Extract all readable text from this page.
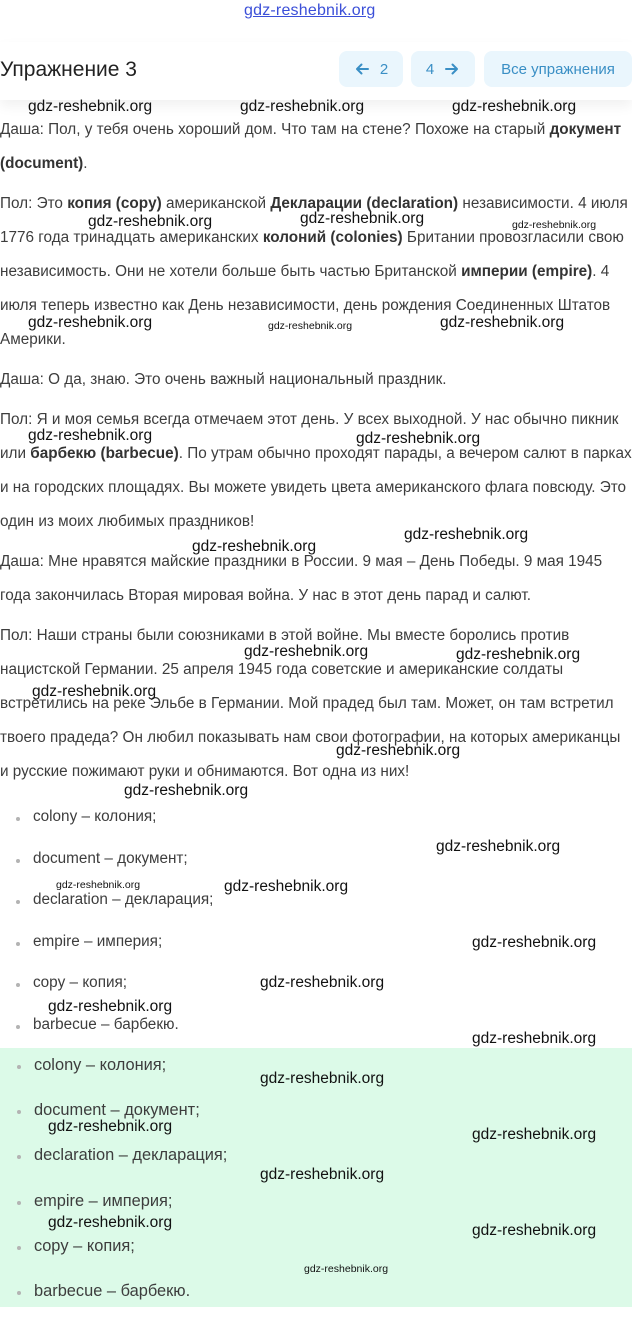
gdz-reshebnik.org
Упражнение 3	2	4	Все упражнения

Даша: Пол, у тебя очень хороший дом. Что там на стене? Похоже на старый документ (document).

Пол: Это копия (copy) американской Декларации (declaration) независимости. 4 июля 1776 года тринадцать американских колоний (colonies) Британии провозгласили свою независимость. Они не хотели больше быть частью Британской империи (empire). 4 июля теперь известно как День независимости, день рождения Соединенных Штатов Америки.

Даша: О да, знаю. Это очень важный национальный праздник.

Пол: Я и моя семья всегда отмечаем этот день. У всех выходной. У нас обычно пикник или барбекю (barbecue). По утрам обычно проходят парады, а вечером салют в парках и на городских площадях. Вы можете увидеть цвета американского флага повсюду. Это один из моих любимых праздников!

Даша: Мне нравятся майские праздники в России. 9 мая – День Победы. 9 мая 1945 года закончилась Вторая мировая война. У нас в этот день парад и салют.

Пол: Наши страны были союзниками в этой войне. Мы вместе боролись против нацистской Германии. 25 апреля 1945 года советские и американские солдаты встретились на реке Эльбе в Германии. Мой прадед был там. Может, он там встретил твоего прадеда? Он любил показывать нам свои фотографии, на которых американцы и русские пожимают руки и обнимаются. Вот одна из них!

colony – колония;
document – документ;
declaration – декларация;
empire – империя;
copy – копия;
barbecue – барбекю.
colony – колония;
document – документ;
declaration – декларация;
empire – империя;
copy – копия;
barbecue – барбекю.
gdz-reshebnik.org	gdz-reshebnik.org	gdz-reshebnik.org
gdz-reshebnik.org	gdz-reshebnik.org	gdz-reshebnik.org
gdz-reshebnik.org	gdz-reshebnik.org	gdz-reshebnik.org
gdz-reshebnik.org	gdz-reshebnik.org
gdz-reshebnik.org
gdz-reshebnik.org
gdz-reshebnik.org	gdz-reshebnik.org
gdz-reshebnik.org
gdz-reshebnik.org
gdz-reshebnik.org
gdz-reshebnik.org
gdz-reshebnik.org	gdz-reshebnik.org
gdz-reshebnik.org
gdz-reshebnik.org
gdz-reshebnik.org
gdz-reshebnik.org
gdz-reshebnik.org
gdz-reshebnik.org	gdz-reshebnik.org
gdz-reshebnik.org
gdz-reshebnik.org	gdz-reshebnik.org
gdz-reshebnik.org
